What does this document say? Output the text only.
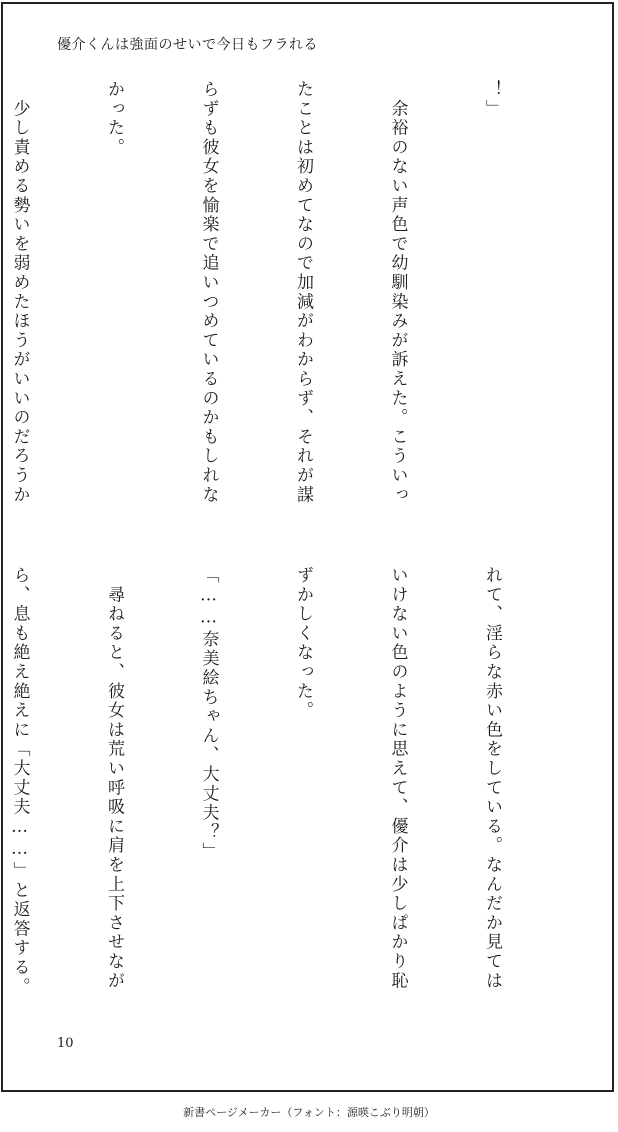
優介くんは強面のせいで今日もフラれる

！」

　余裕のない声色で幼馴染みが訴えた。こういっ

たことは初めてなので加減がわからず、それが謀

らずも彼女を愉楽で追いつめているのかもしれな

かった。

　少し責める勢いを弱めたほうがいいのだろうか

れて、淫らな赤い色をしている。なんだか見ては

いけない色のように思えて、優介は少しぱかり恥

ずかしくなった。

「……奈美絵ちゃん、大丈夫？」

　尋ねると、彼女は荒い呼吸に肩を上下させなが

ら、息も絶え絶えに「大丈夫……」と返答する。

10
新書ページメーカー（フォント：源暎こぶり明朝）
